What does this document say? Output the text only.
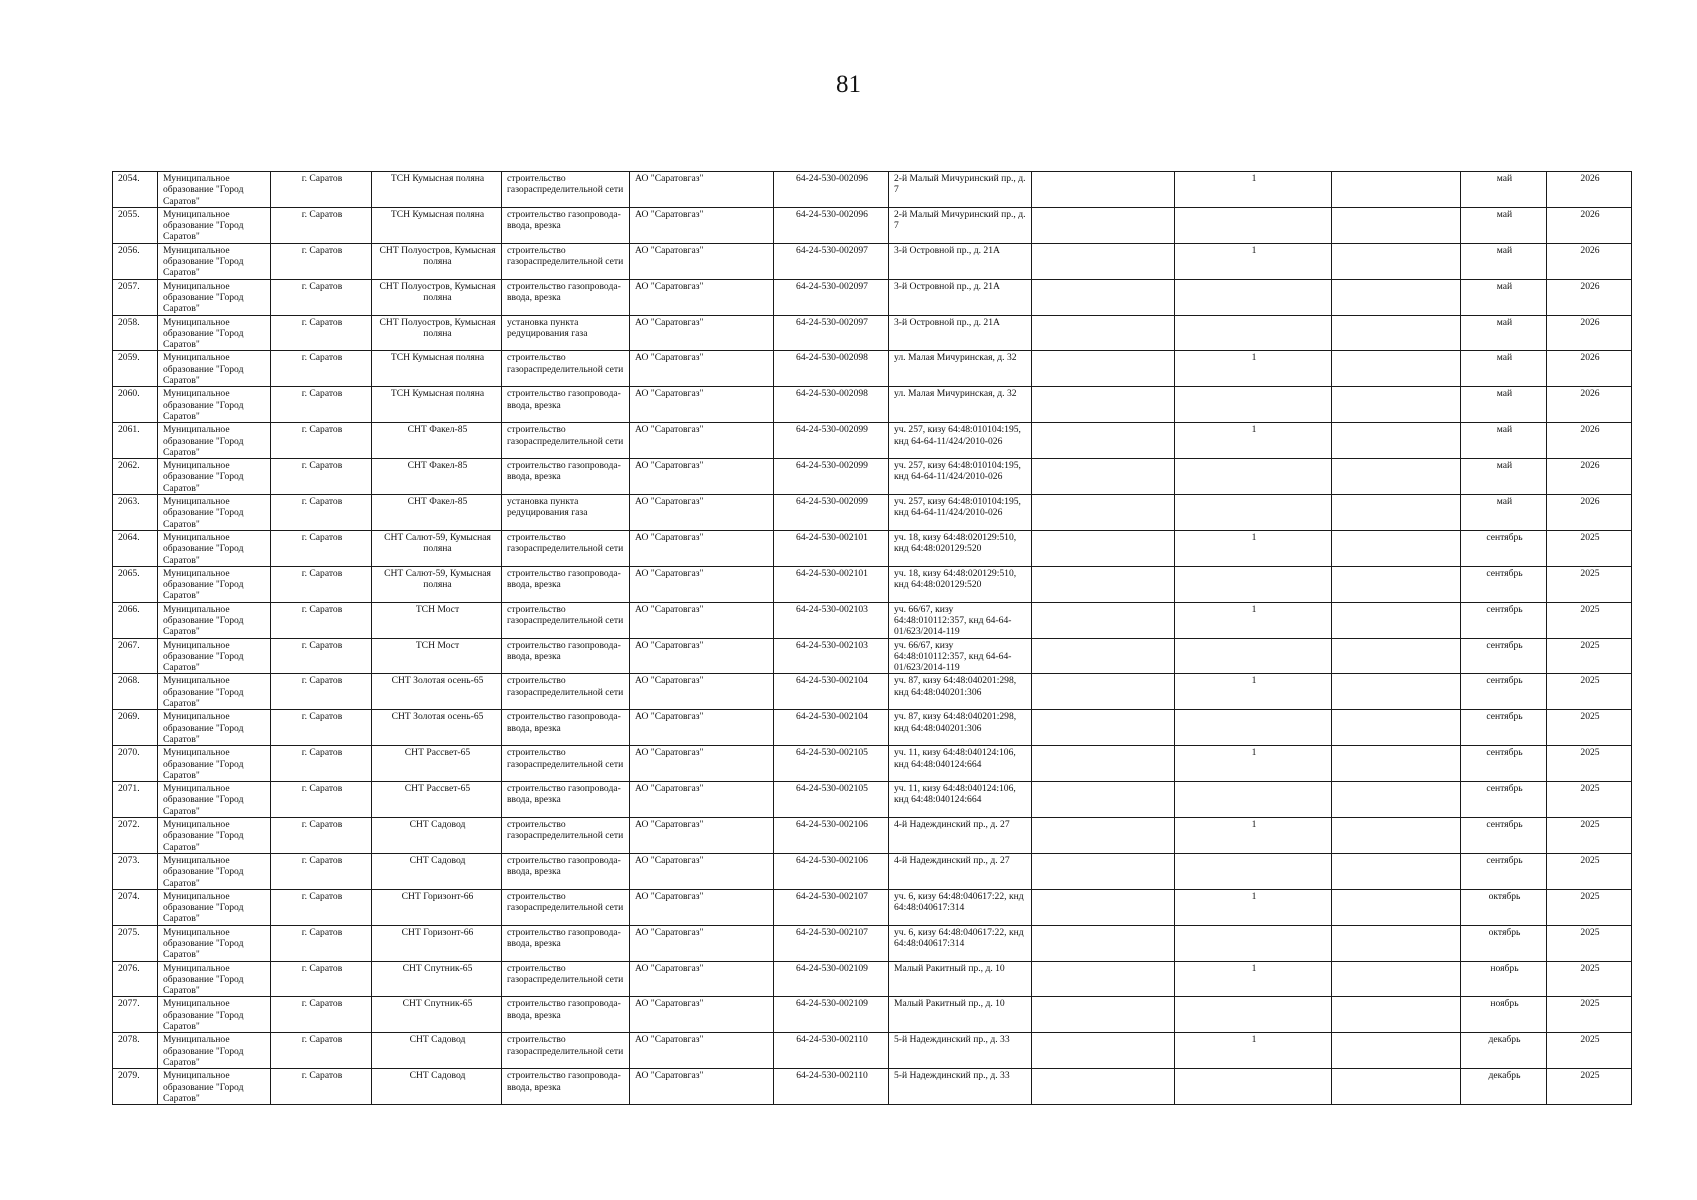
81
2054.	Муниципальное образование "Город Саратов"	г. Саратов	ТСН Кумысная поляна	строительство газораспределительной сети	АО "Саратовгаз"	64-24-530-002096	2-й Малый Мичуринский пр., д. 7		1		май	2026
2055.	Муниципальное образование "Город Саратов"	г. Саратов	ТСН Кумысная поляна	строительство газопровода-ввода, врезка	АО "Саратовгаз"	64-24-530-002096	2-й Малый Мичуринский пр., д. 7				май	2026
2056.	Муниципальное образование "Город Саратов"	г. Саратов	СНТ Полуостров, Кумысная поляна	строительство газораспределительной сети	АО "Саратовгаз"	64-24-530-002097	3-й Островной пр., д. 21А		1		май	2026
2057.	Муниципальное образование "Город Саратов"	г. Саратов	СНТ Полуостров, Кумысная поляна	строительство газопровода-ввода, врезка	АО "Саратовгаз"	64-24-530-002097	3-й Островной пр., д. 21А				май	2026
2058.	Муниципальное образование "Город Саратов"	г. Саратов	СНТ Полуостров, Кумысная поляна	установка пункта редуцирования газа	АО "Саратовгаз"	64-24-530-002097	3-й Островной пр., д. 21А				май	2026
2059.	Муниципальное образование "Город Саратов"	г. Саратов	ТСН Кумысная поляна	строительство газораспределительной сети	АО "Саратовгаз"	64-24-530-002098	ул. Малая Мичуринская, д. 32		1		май	2026
2060.	Муниципальное образование "Город Саратов"	г. Саратов	ТСН Кумысная поляна	строительство газопровода-ввода, врезка	АО "Саратовгаз"	64-24-530-002098	ул. Малая Мичуринская, д. 32				май	2026
2061.	Муниципальное образование "Город Саратов"	г. Саратов	СНТ Факел-85	строительство газораспределительной сети	АО "Саратовгаз"	64-24-530-002099	уч. 257, кизу 64:48:010104:195, кнд 64-64-11/424/2010-026		1		май	2026
2062.	Муниципальное образование "Город Саратов"	г. Саратов	СНТ Факел-85	строительство газопровода-ввода, врезка	АО "Саратовгаз"	64-24-530-002099	уч. 257, кизу 64:48:010104:195, кнд 64-64-11/424/2010-026				май	2026
2063.	Муниципальное образование "Город Саратов"	г. Саратов	СНТ Факел-85	установка пункта редуцирования газа	АО "Саратовгаз"	64-24-530-002099	уч. 257, кизу 64:48:010104:195, кнд 64-64-11/424/2010-026				май	2026
2064.	Муниципальное образование "Город Саратов"	г. Саратов	СНТ Салют-59, Кумысная поляна	строительство газораспределительной сети	АО "Саратовгаз"	64-24-530-002101	уч. 18, кизу 64:48:020129:510, кнд 64:48:020129:520		1		сентябрь	2025
2065.	Муниципальное образование "Город Саратов"	г. Саратов	СНТ Салют-59, Кумысная поляна	строительство газопровода-ввода, врезка	АО "Саратовгаз"	64-24-530-002101	уч. 18, кизу 64:48:020129:510, кнд 64:48:020129:520				сентябрь	2025
2066.	Муниципальное образование "Город Саратов"	г. Саратов	ТСН Мост	строительство газораспределительной сети	АО "Саратовгаз"	64-24-530-002103	уч. 66/67, кизу 64:48:010112:357, кнд 64-64-01/623/2014-119		1		сентябрь	2025
2067.	Муниципальное образование "Город Саратов"	г. Саратов	ТСН Мост	строительство газопровода-ввода, врезка	АО "Саратовгаз"	64-24-530-002103	уч. 66/67, кизу 64:48:010112:357, кнд 64-64-01/623/2014-119				сентябрь	2025
2068.	Муниципальное образование "Город Саратов"	г. Саратов	СНТ Золотая осень-65	строительство газораспределительной сети	АО "Саратовгаз"	64-24-530-002104	уч. 87, кизу 64:48:040201:298, кнд 64:48:040201:306		1		сентябрь	2025
2069.	Муниципальное образование "Город Саратов"	г. Саратов	СНТ Золотая осень-65	строительство газопровода-ввода, врезка	АО "Саратовгаз"	64-24-530-002104	уч. 87, кизу 64:48:040201:298, кнд 64:48:040201:306				сентябрь	2025
2070.	Муниципальное образование "Город Саратов"	г. Саратов	СНТ Рассвет-65	строительство газораспределительной сети	АО "Саратовгаз"	64-24-530-002105	уч. 11, кизу 64:48:040124:106, кнд 64:48:040124:664		1		сентябрь	2025
2071.	Муниципальное образование "Город Саратов"	г. Саратов	СНТ Рассвет-65	строительство газопровода-ввода, врезка	АО "Саратовгаз"	64-24-530-002105	уч. 11, кизу 64:48:040124:106, кнд 64:48:040124:664				сентябрь	2025
2072.	Муниципальное образование "Город Саратов"	г. Саратов	СНТ Садовод	строительство газораспределительной сети	АО "Саратовгаз"	64-24-530-002106	4-й Надеждинский пр., д. 27		1		сентябрь	2025
2073.	Муниципальное образование "Город Саратов"	г. Саратов	СНТ Садовод	строительство газопровода-ввода, врезка	АО "Саратовгаз"	64-24-530-002106	4-й Надеждинский пр., д. 27				сентябрь	2025
2074.	Муниципальное образование "Город Саратов"	г. Саратов	СНТ Горизонт-66	строительство газораспределительной сети	АО "Саратовгаз"	64-24-530-002107	уч. 6, кизу 64:48:040617:22, кнд 64:48:040617:314		1		октябрь	2025
2075.	Муниципальное образование "Город Саратов"	г. Саратов	СНТ Горизонт-66	строительство газопровода-ввода, врезка	АО "Саратовгаз"	64-24-530-002107	уч. 6, кизу 64:48:040617:22, кнд 64:48:040617:314				октябрь	2025
2076.	Муниципальное образование "Город Саратов"	г. Саратов	СНТ Спутник-65	строительство газораспределительной сети	АО "Саратовгаз"	64-24-530-002109	Малый Ракитный пр., д. 10		1		ноябрь	2025
2077.	Муниципальное образование "Город Саратов"	г. Саратов	СНТ Спутник-65	строительство газопровода-ввода, врезка	АО "Саратовгаз"	64-24-530-002109	Малый Ракитный пр., д. 10				ноябрь	2025
2078.	Муниципальное образование "Город Саратов"	г. Саратов	СНТ Садовод	строительство газораспределительной сети	АО "Саратовгаз"	64-24-530-002110	5-й Надеждинский пр., д. 33		1		декабрь	2025
2079.	Муниципальное образование "Город Саратов"	г. Саратов	СНТ Садовод	строительство газопровода-ввода, врезка	АО "Саратовгаз"	64-24-530-002110	5-й Надеждинский пр., д. 33				декабрь	2025
